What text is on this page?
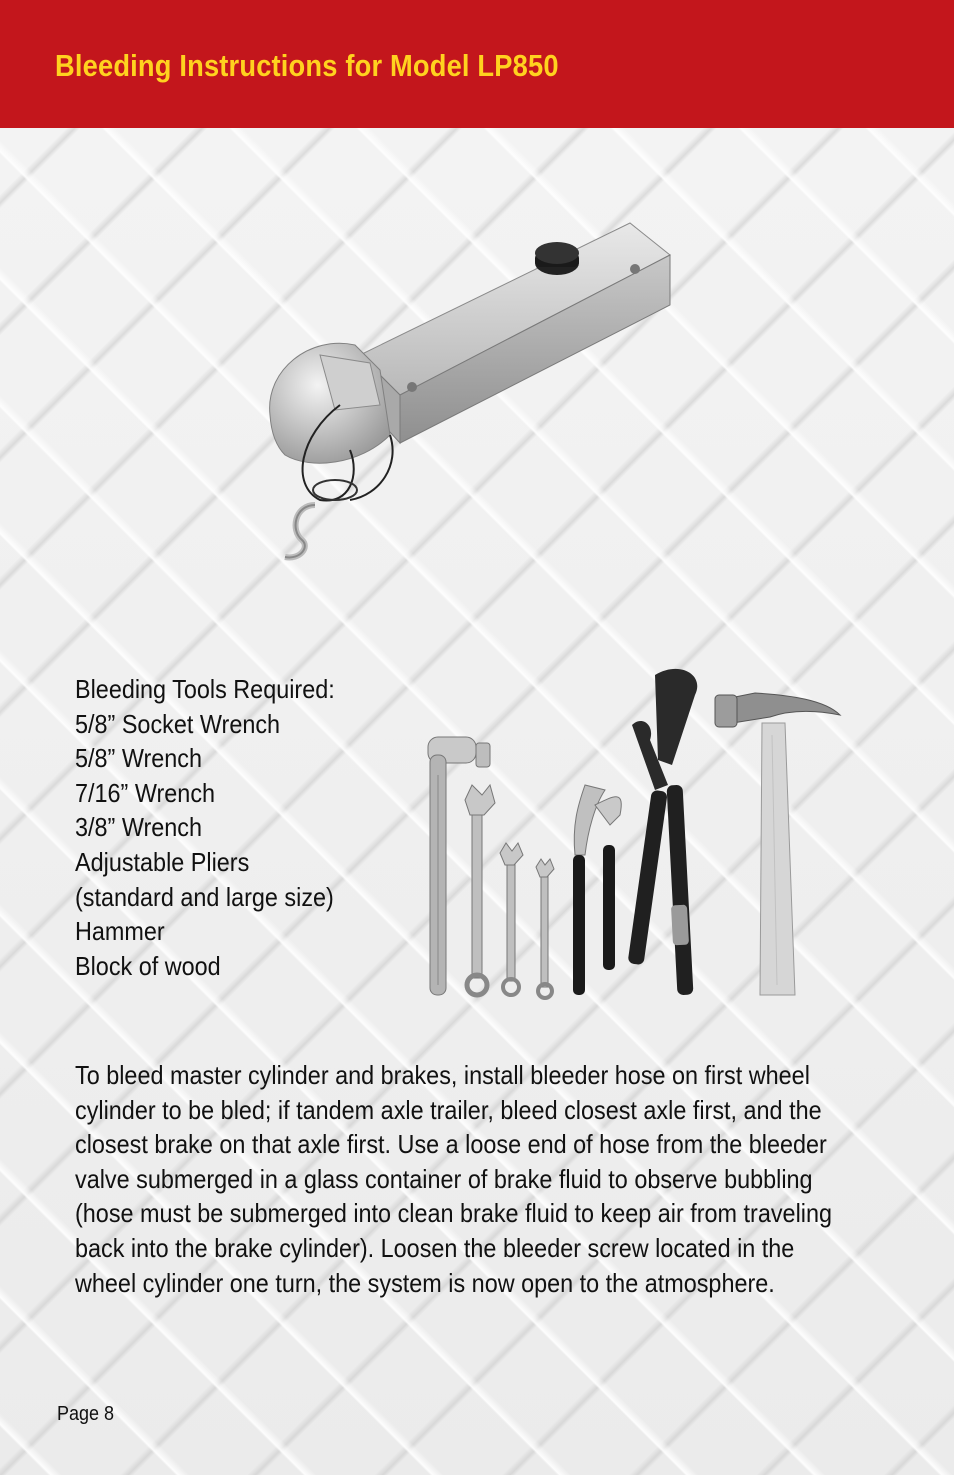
Bleeding Instructions for Model LP850
Bleeding Tools Required:
5/8” Socket Wrench
5/8” Wrench
7/16” Wrench
3/8” Wrench
Adjustable Pliers
(standard and large size)
Hammer
Block of wood
To bleed master cylinder and brakes, install bleeder hose on first wheel cylinder to be bled; if tandem axle trailer, bleed closest axle first, and the closest brake on that axle first. Use a loose end of hose from the bleeder valve submerged in a glass container of brake fluid to observe bubbling (hose must be submerged into clean brake fluid to keep air from traveling back into the brake cylinder). Loosen the bleeder screw located in the wheel cylinder one turn, the system is now open to the atmosphere.
Page 8
